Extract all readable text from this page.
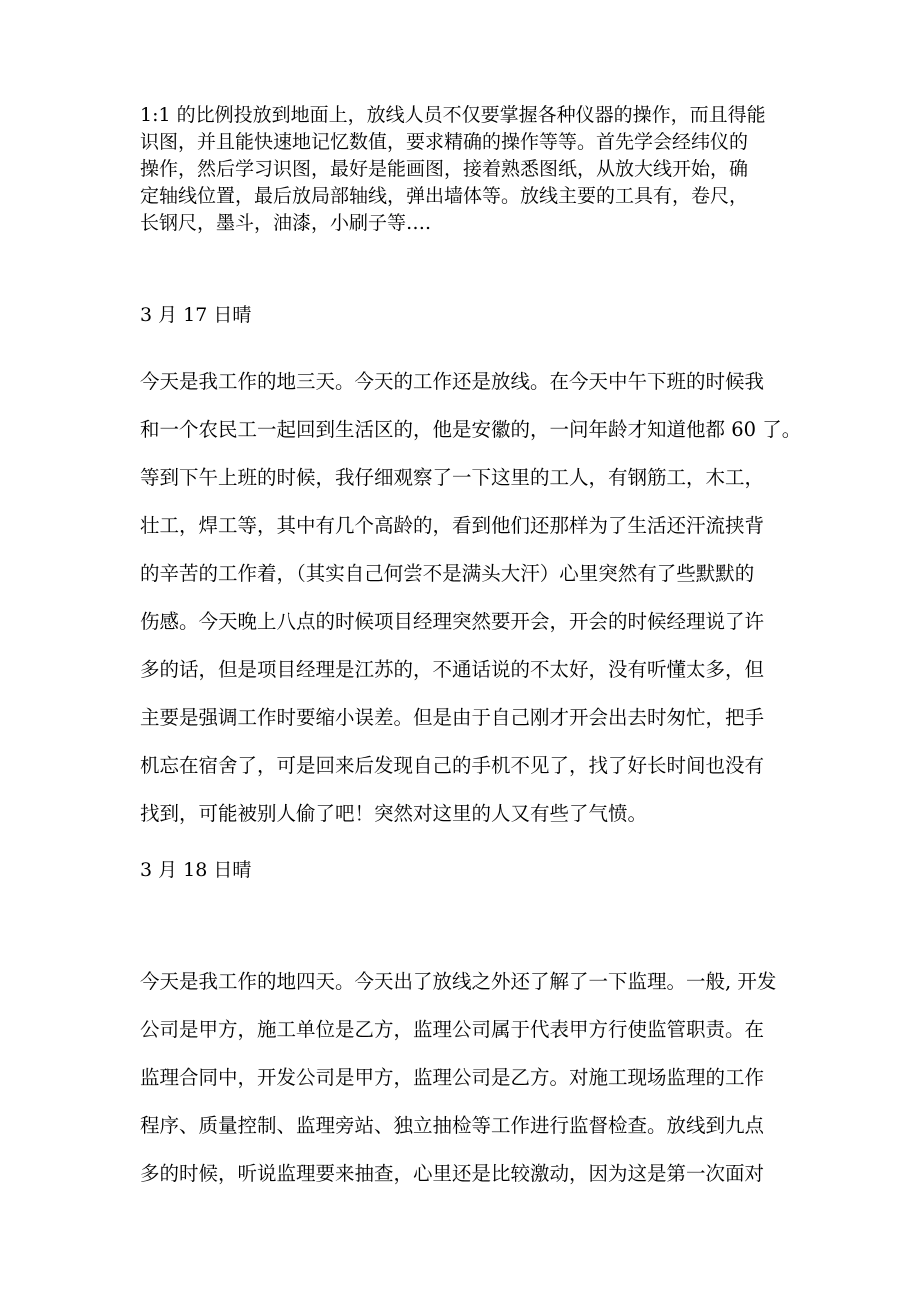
1:1 的比例投放到地面上，放线人员不仅要掌握各种仪器的操作，而且得能
识图，并且能快速地记忆数值，要求精确的操作等等。首先学会经纬仪的
操作，然后学习识图，最好是能画图，接着熟悉图纸，从放大线开始，确
定轴线位置，最后放局部轴线，弹出墙体等。放线主要的工具有，卷尺，
长钢尺，墨斗，油漆，小刷子等….
3 月 17 日晴
今天是我工作的地三天。今天的工作还是放线。在今天中午下班的时候我
和一个农民工一起回到生活区的，他是安徽的，一问年龄才知道他都 60 了。
等到下午上班的时候，我仔细观察了一下这里的工人，有钢筋工，木工，
壮工，焊工等，其中有几个高龄的，看到他们还那样为了生活还汗流挟背
的辛苦的工作着，（其实自己何尝不是满头大汗）心里突然有了些默默的
伤感。今天晚上八点的时候项目经理突然要开会，开会的时候经理说了许
多的话，但是项目经理是江苏的，不通话说的不太好，没有听懂太多，但
主要是强调工作时要缩小误差。但是由于自己刚才开会出去时匆忙，把手
机忘在宿舍了，可是回来后发现自己的手机不见了，找了好长时间也没有
找到，可能被别人偷了吧！突然对这里的人又有些了气愤。
3 月 18 日晴
今天是我工作的地四天。今天出了放线之外还了解了一下监理。一般, 开发
公司是甲方，施工单位是乙方，监理公司属于代表甲方行使监管职责。在
监理合同中，开发公司是甲方，监理公司是乙方。对施工现场监理的工作
程序、质量控制、监理旁站、独立抽检等工作进行监督检查。放线到九点
多的时候，听说监理要来抽查，心里还是比较激动，因为这是第一次面对
